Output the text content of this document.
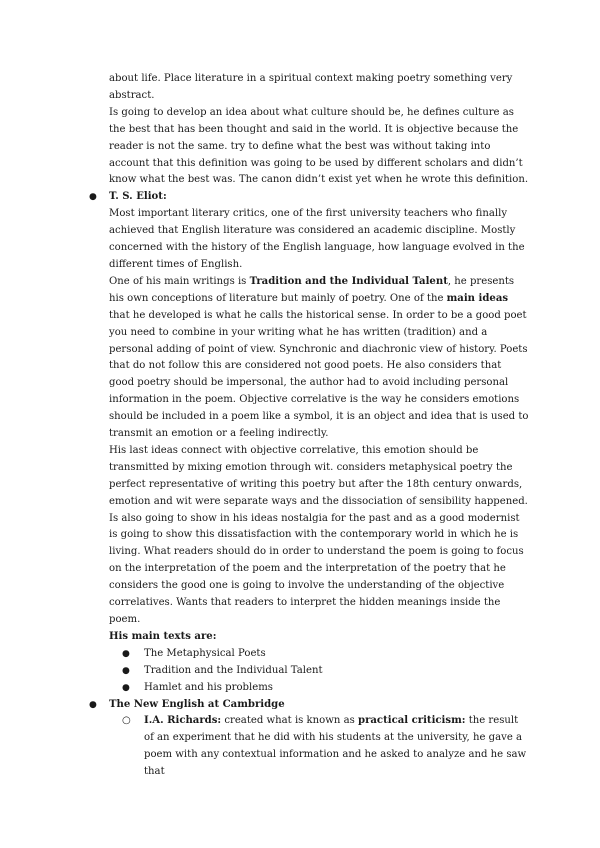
about life. Place literature in a spiritual context making poetry something very abstract.

Is going to develop an idea about what culture should be, he defines culture as the best that has been thought and said in the world. It is objective because the reader is not the same. try to define what the best was without taking into account that this definition was going to be used by different scholars and didn’t know what the best was. The canon didn’t exist yet when he wrote this definition.

● T. S. Eliot:

Most important literary critics, one of the first university teachers who finally achieved that English literature was considered an academic discipline. Mostly concerned with the history of the English language, how language evolved in the different times of English.

One of his main writings is Tradition and the Individual Talent, he presents his own conceptions of literature but mainly of poetry. One of the main ideas that he developed is what he calls the historical sense. In order to be a good poet you need to combine in your writing what he has written (tradition) and a personal adding of point of view. Synchronic and diachronic view of history. Poets that do not follow this are considered not good poets. He also considers that good poetry should be impersonal, the author had to avoid including personal information in the poem. Objective correlative is the way he considers emotions should be included in a poem like a symbol, it is an object and idea that is used to transmit an emotion or a feeling indirectly.

His last ideas connect with objective correlative, this emotion should be transmitted by mixing emotion through wit. considers metaphysical poetry the perfect representative of writing this poetry but after the 18th century onwards, emotion and wit were separate ways and the dissociation of sensibility happened. Is also going to show in his ideas nostalgia for the past and as a good modernist is going to show this dissatisfaction with the contemporary world in which he is living. What readers should do in order to understand the poem is going to focus on the interpretation of the poem and the interpretation of the poetry that he considers the good one is going to involve the understanding of the objective correlatives. Wants that readers to interpret the hidden meanings inside the poem.

His main texts are:

● The Metaphysical Poets

● Tradition and the Individual Talent

● Hamlet and his problems

● The New English at Cambridge

○ I.A. Richards: created what is known as practical criticism: the result of an experiment that he did with his students at the university, he gave a poem with any contextual information and he asked to analyze and he saw that
